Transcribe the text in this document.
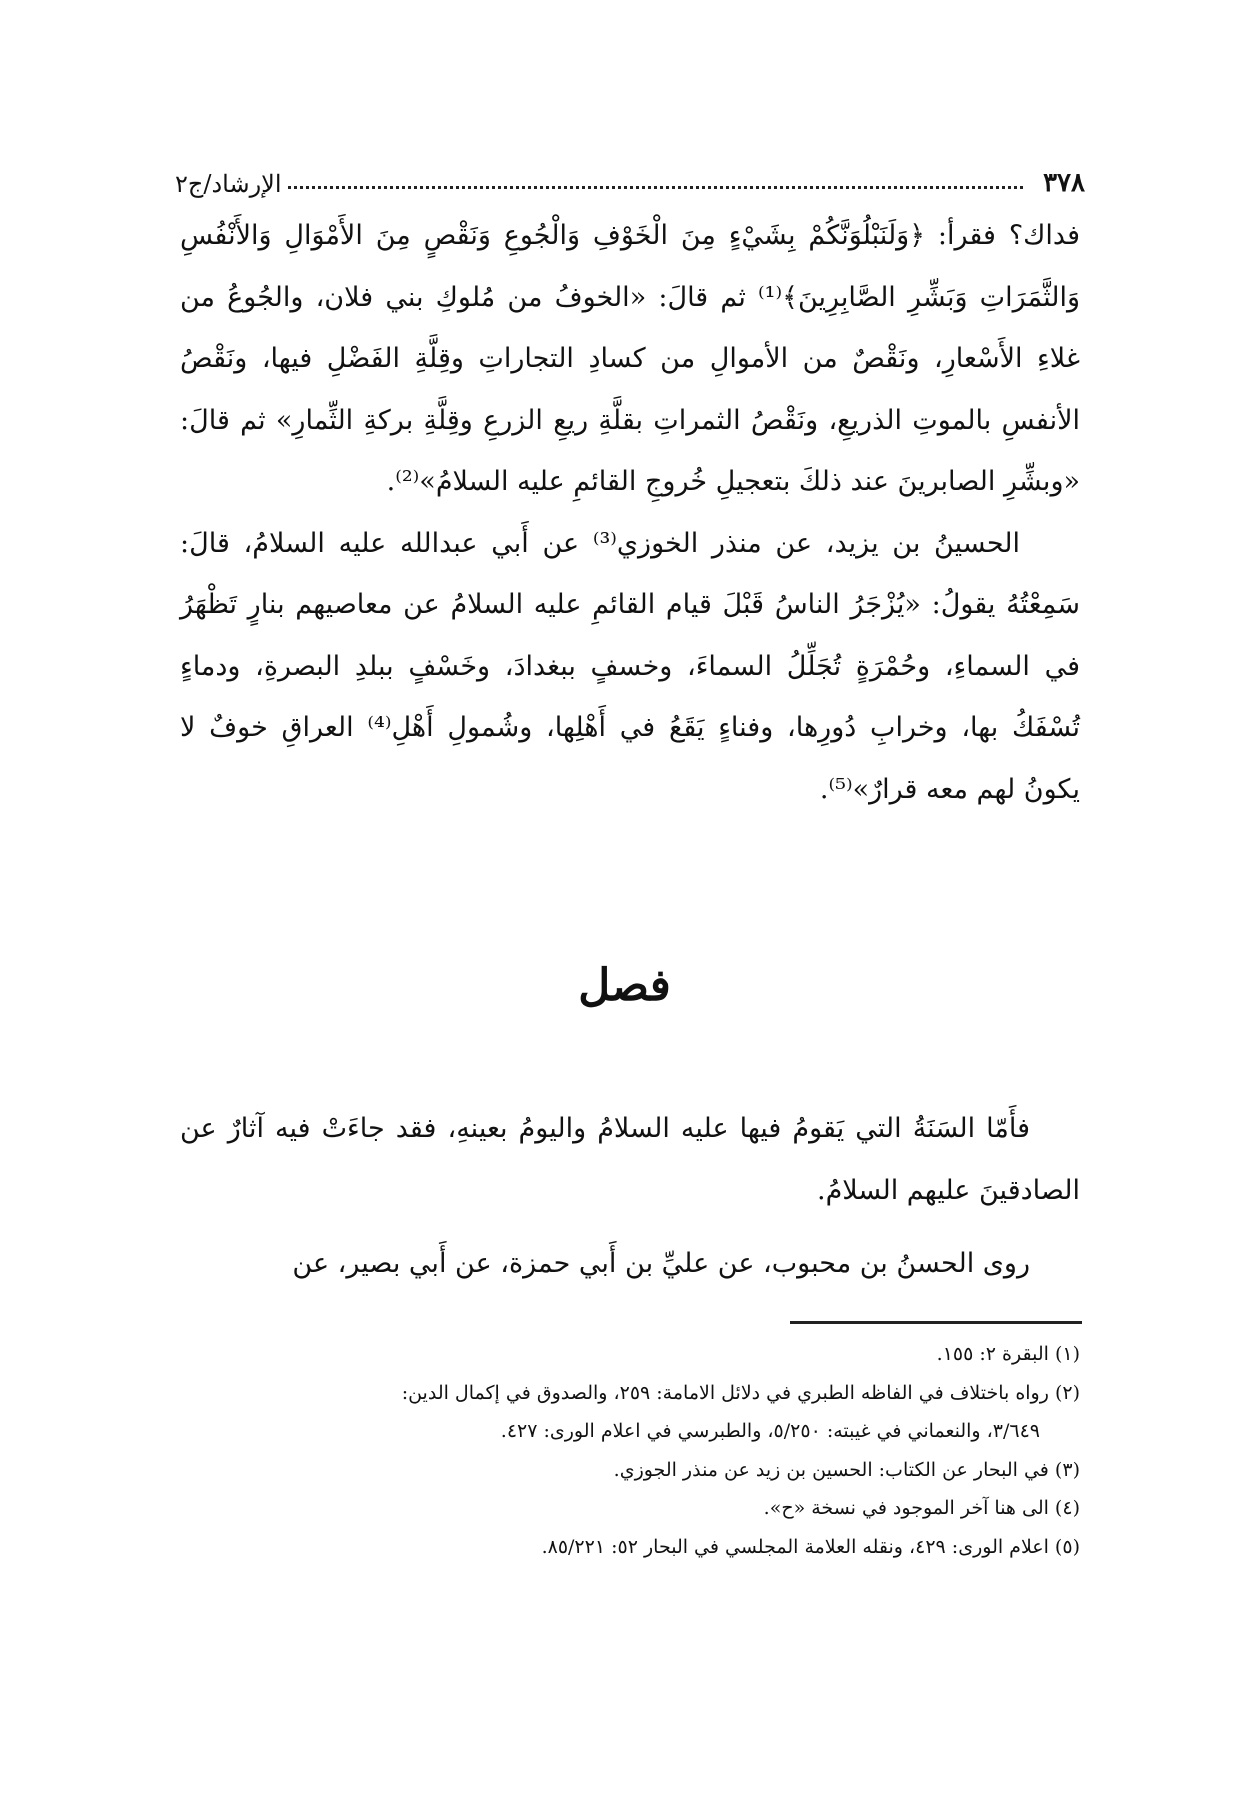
٣٧٨
الإرشاد/ج٢

فداك؟ فقرأ: ﴿وَلَنَبْلُوَنَّكُمْ بِشَيْءٍ مِنَ الْخَوْفِ وَالْجُوعِ وَنَقْصٍ مِنَ الأَمْوَالِ وَالأَنْفُسِ وَالثَّمَرَاتِ وَبَشِّرِ الصَّابِرِينَ﴾⁽¹⁾ ثم قالَ: «الخوفُ من مُلوكِ بني فلان، والجُوعُ من غلاءِ الأَسْعارِ، ونَقْصٌ من الأموالِ من كسادِ التجاراتِ وقِلَّةِ الفَضْلِ فيها، ونَقْصُ الأنفسِ بالموتِ الذريعِ، ونَقْصُ الثمراتِ بقلَّةِ ريعِ الزرعِ وقِلَّةِ بركةِ الثِّمارِ» ثم قالَ: «وبشِّرِ الصابرينَ عند ذلكَ بتعجيلِ خُروجِ القائمِ عليه السلامُ»⁽²⁾.

الحسينُ بن يزيد، عن منذر الخوزي⁽³⁾ عن أَبي عبدالله عليه السلامُ، قالَ: سَمِعْتُهُ يقولُ: «يُزْجَرُ الناسُ قَبْلَ قيام القائمِ عليه السلامُ عن معاصيهم بنارٍ تَظْهَرُ في السماءِ، وحُمْرَةٍ تُجَلِّلُ السماءَ، وخسفٍ ببغدادَ، وخَسْفٍ ببلدِ البصرةِ، ودماءٍ تُسْفَكُ بها، وخرابِ دُورِها، وفناءٍ يَقَعُ في أَهْلِها، وشُمولِ أَهْلِ⁽⁴⁾ العراقِ خوفٌ لا يكونُ لهم معه قرارٌ»⁽⁵⁾.

فصل

فأَمّا السَنَةُ التي يَقومُ فيها عليه السلامُ واليومُ بعينهِ، فقد جاءَتْ فيه آثارٌ عن الصادقينَ عليهم السلامُ.

روى الحسنُ بن محبوب، عن عليِّ بن أَبي حمزة، عن أَبي بصير، عن

(١) البقرة ٢: ١٥٥.

(٢) رواه باختلاف في الفاظه الطبري في دلائل الامامة: ٢٥٩، والصدوق في إكمال الدين:

٣/٦٤٩، والنعماني في غيبته: ٥/٢٥٠، والطبرسي في اعلام الورى: ٤٢٧.

(٣) في البحار عن الكتاب: الحسين بن زيد عن منذر الجوزي.

(٤) الى هنا آخر الموجود في نسخة «ح».

(٥) اعلام الورى: ٤٢٩، ونقله العلامة المجلسي في البحار ٥٢: ٨٥/٢٢١.
